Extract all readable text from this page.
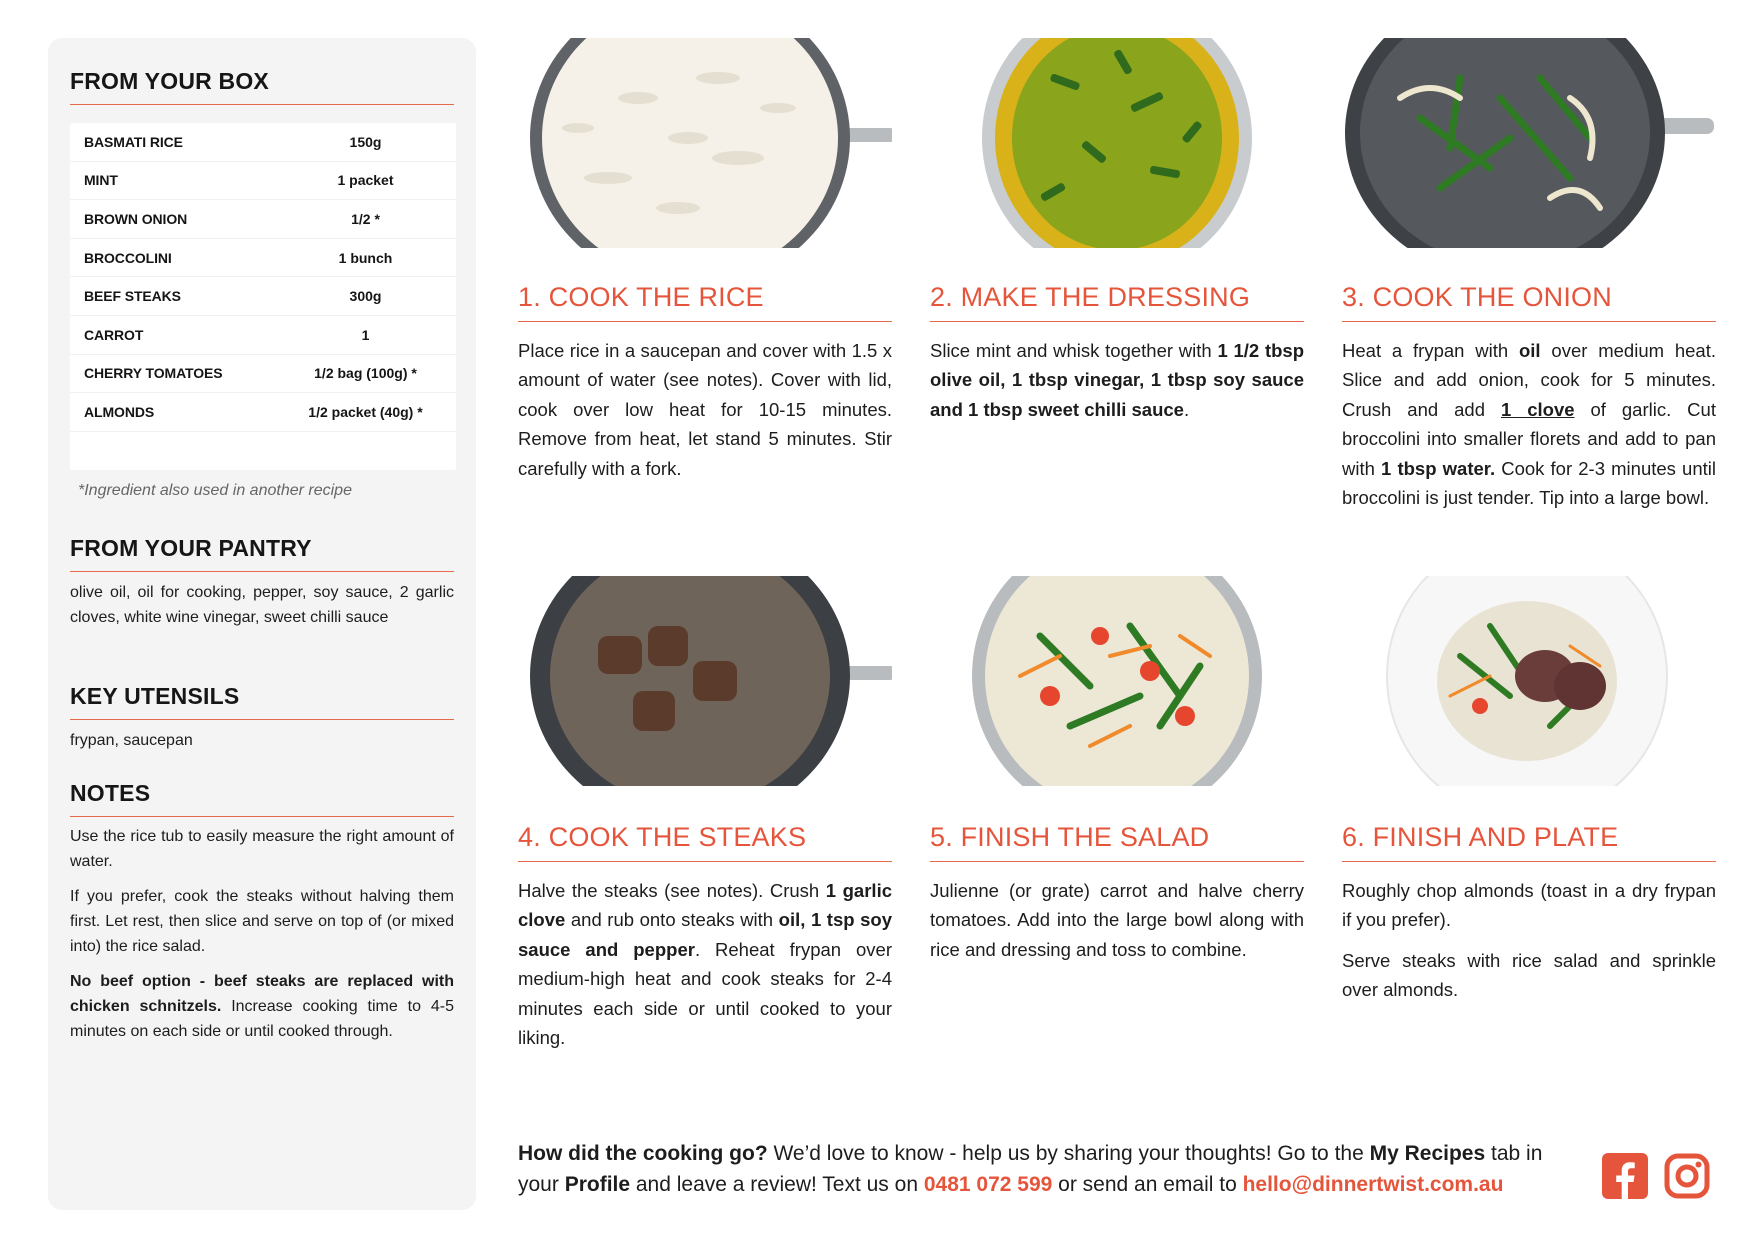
FROM YOUR BOX
BASMATI RICE	150g
MINT	1 packet
BROWN ONION	1/2 *
BROCCOLINI	1 bunch
BEEF STEAKS	300g
CARROT	1
CHERRY TOMATOES	1/2 bag (100g) *
ALMONDS	1/2 packet (40g) *
*Ingredient also used in another recipe
FROM YOUR PANTRY
olive oil, oil for cooking, pepper, soy sauce, 2 garlic cloves, white wine vinegar, sweet chilli sauce
KEY UTENSILS
frypan, saucepan
NOTES

Use the rice tub to easily measure the right amount of water.

If you prefer, cook the steaks without halving them first. Let rest, then slice and serve on top of (or mixed into) the rice salad.

No beef option - beef steaks are replaced with chicken schnitzels. Increase cooking time to 4-5 minutes on each side or until cooked through.

1. COOK THE RICE
Place rice in a saucepan and cover with 1.5 x amount of water (see notes). Cover with lid, cook over low heat for 10-15 minutes. Remove from heat, let stand 5 minutes. Stir carefully with a fork.
2. MAKE THE DRESSING
Slice mint and whisk together with 1 1/2 tbsp olive oil, 1 tbsp vinegar, 1 tbsp soy sauce and 1 tbsp sweet chilli sauce.
3. COOK THE ONION
Heat a frypan with oil over medium heat. Slice and add onion, cook for 5 minutes. Crush and add 1 clove of garlic. Cut broccolini into smaller florets and add to pan with 1 tbsp water. Cook for 2-3 minutes until broccolini is just tender. Tip into a large bowl.
4. COOK THE STEAKS
Halve the steaks (see notes). Crush 1 garlic clove and rub onto steaks with oil, 1 tsp soy sauce and pepper. Reheat frypan over medium-high heat and cook steaks for 2-4 minutes each side or until cooked to your liking.
5. FINISH THE SALAD
Julienne (or grate) carrot and halve cherry tomatoes. Add into the large bowl along with rice and dressing and toss to combine.
6. FINISH AND PLATE

Roughly chop almonds (toast in a dry frypan if you prefer).

Serve steaks with rice salad and sprinkle over almonds.

How did the cooking go? We’d love to know - help us by sharing your thoughts! Go to the My Recipes tab in your Profile and leave a review! Text us on 0481 072 599 or send an email to hello@dinnertwist.com.au
